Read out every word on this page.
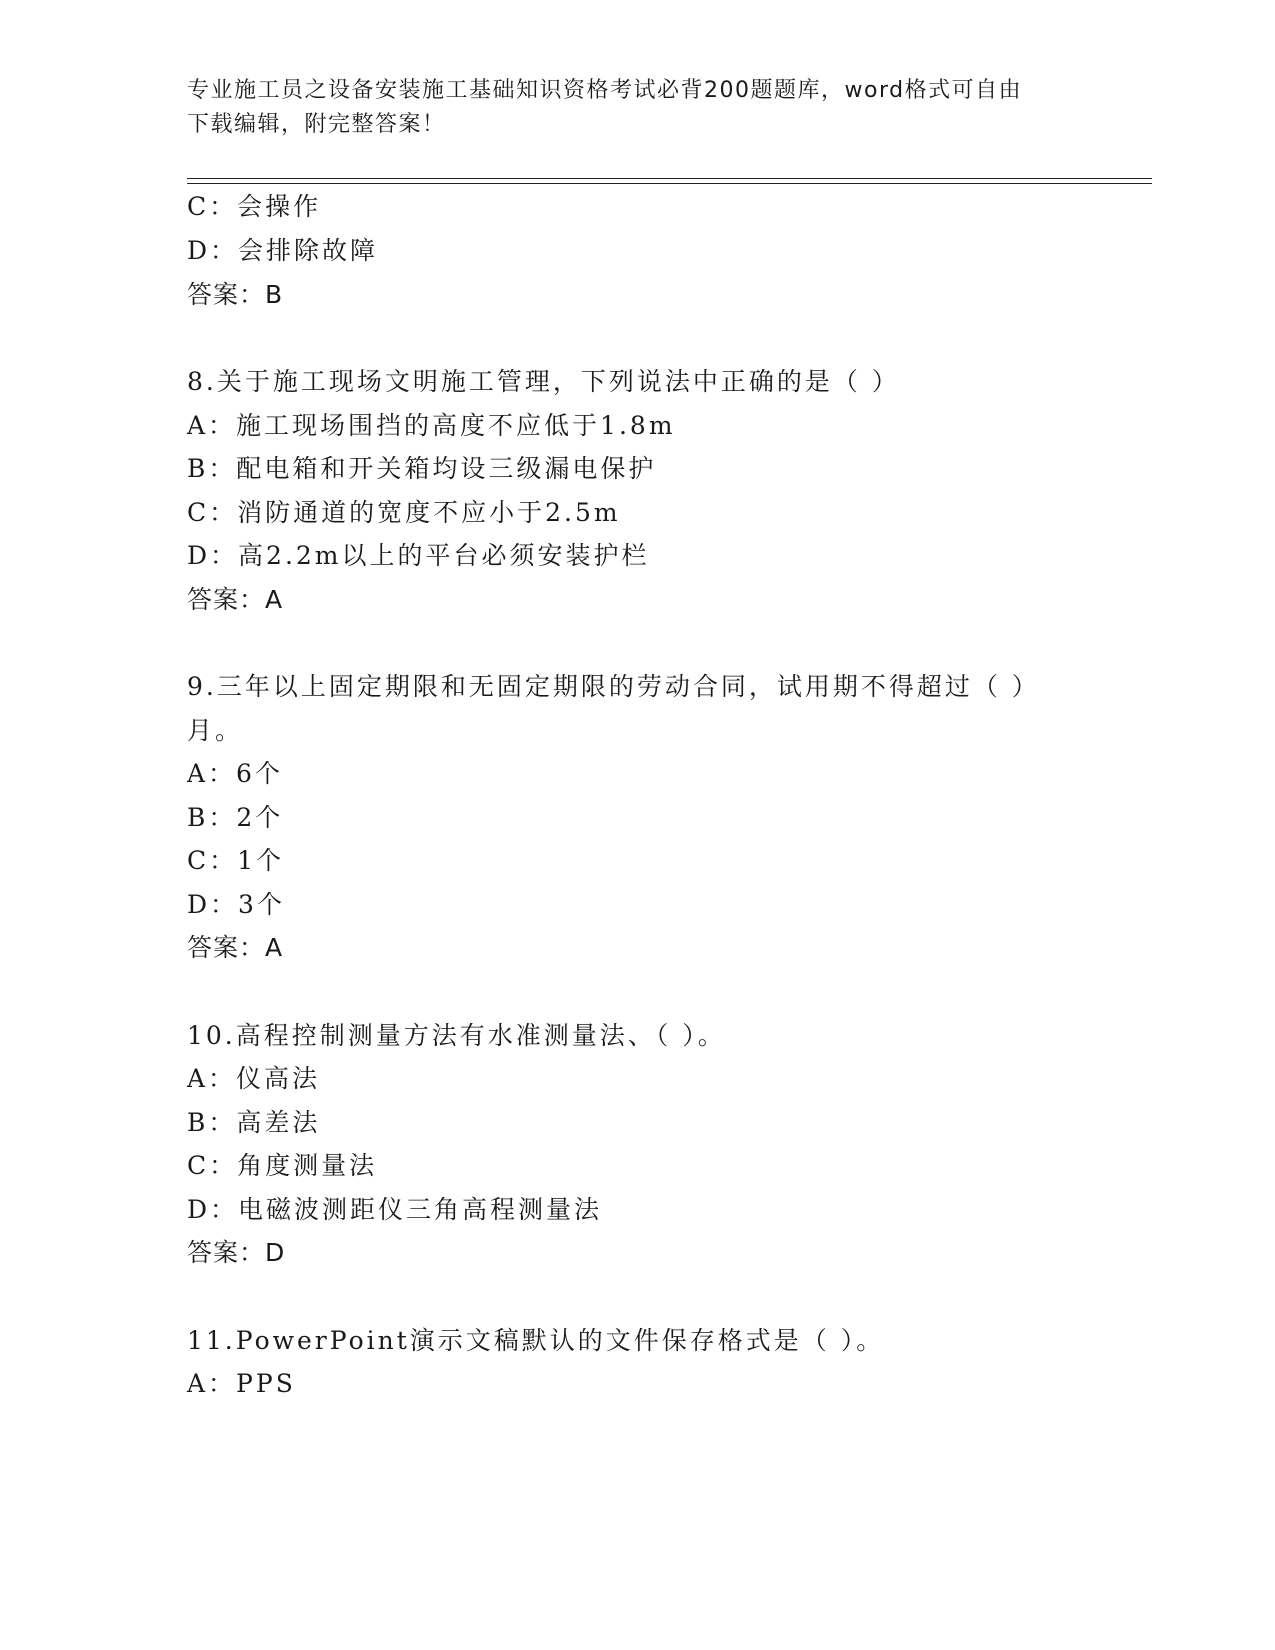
专业施工员之设备安装施工基础知识资格考试必背200题题库，word格式可自由
下载编辑，附完整答案！
C：会操作
D：会排除故障
答案：B
8.关于施工现场文明施工管理，下列说法中正确的是（ ）
A：施工现场围挡的高度不应低于1.8m
B：配电箱和开关箱均设三级漏电保护
C：消防通道的宽度不应小于2.5m
D：高2.2m以上的平台必须安装护栏
答案：A
9.三年以上固定期限和无固定期限的劳动合同，试用期不得超过（ ）
月。
A：6个
B：2个
C：1个
D：3个
答案：A
10.高程控制测量方法有水准测量法、（ ）。
A：仪高法
B：高差法
C：角度测量法
D：电磁波测距仪三角高程测量法
答案：D
11.PowerPoint演示文稿默认的文件保存格式是（ ）。
A：PPS
